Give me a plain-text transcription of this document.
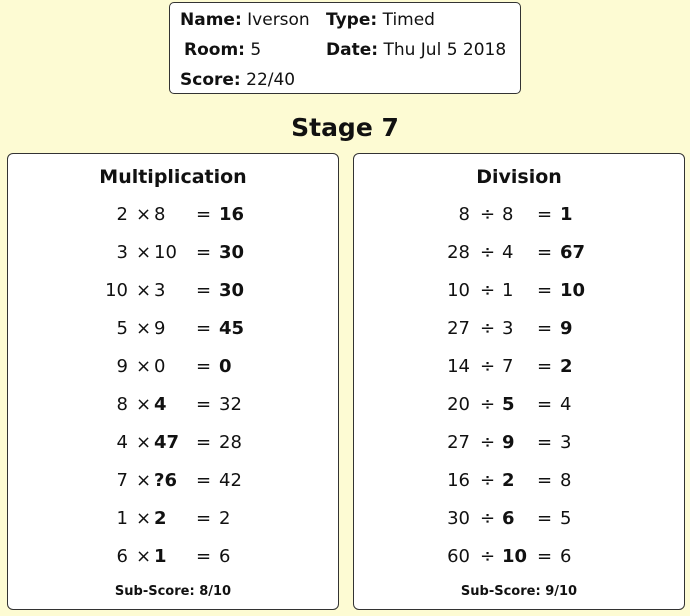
Name: Iverson Type: Timed
Room: 5	Date: Thu Jul 5 2018
Score: 22/40
Stage 7
Multiplication
2 × 8 = 16
3 × 10 = 30
10 × 3 = 30
5 × 9 = 45
9 × 0 = 0
8 × 4 = 32
4 × 47 = 28
7 × ?6 = 42
1 × 2 = 2
6 × 1 = 6
Sub-Score: 8/10
Division
8 ÷ 8 = 1
28 ÷ 4 = 67
10 ÷ 1 = 10
27 ÷ 3 = 9
14 ÷ 7 = 2
20 ÷ 5 = 4
27 ÷ 9 = 3
16 ÷ 2 = 8
30 ÷ 6 = 5
60 ÷ 10 = 6
Sub-Score: 9/10
